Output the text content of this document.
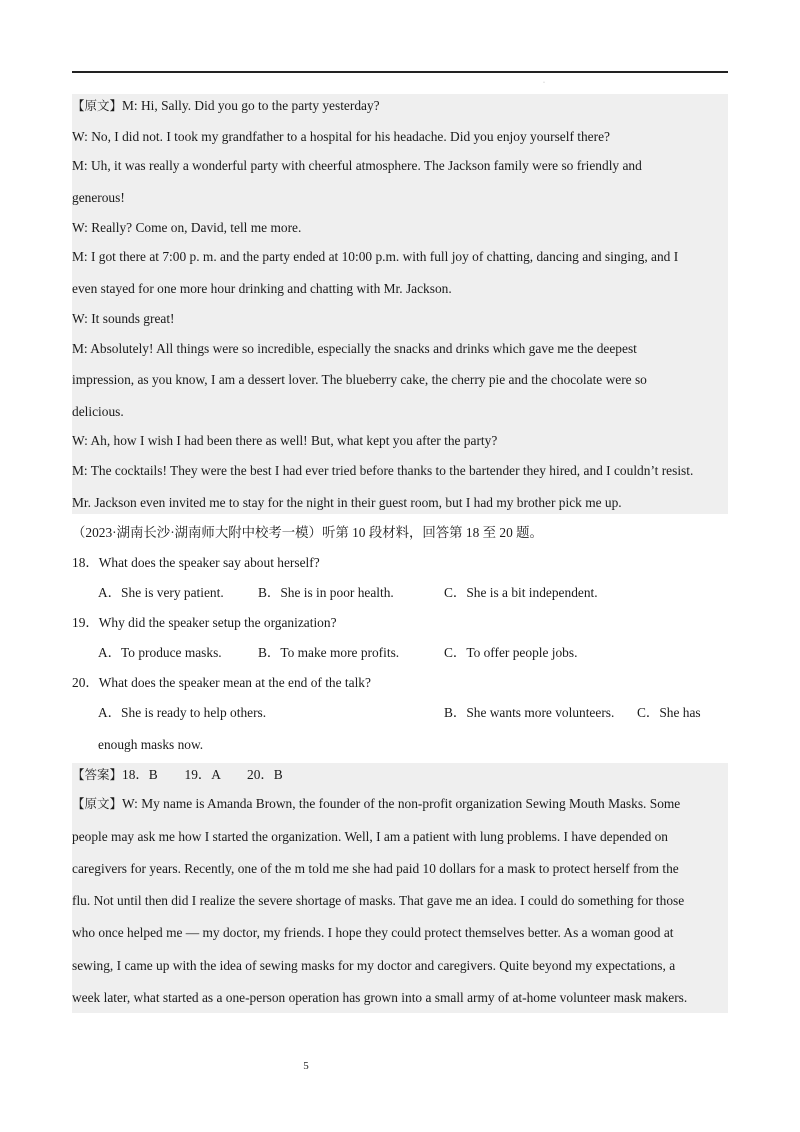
·
【原文】M: Hi, Sally. Did you go to the party yesterday?
W: No, I did not. I took my grandfather to a hospital for his headache. Did you enjoy yourself there?
M: Uh, it was really a wonderful party with cheerful atmosphere. The Jackson family were so friendly and
generous!
W: Really? Come on, David, tell me more.
M: I got there at 7:00 p. m. and the party ended at 10:00 p.m. with full joy of chatting, dancing and singing, and I
even stayed for one more hour drinking and chatting with Mr. Jackson.
W: It sounds great!
M: Absolutely! All things were so incredible, especially the snacks and drinks which gave me the deepest
impression, as you know, I am a dessert lover. The blueberry cake, the cherry pie and the chocolate were so
delicious.
W: Ah, how I wish I had been there as well! But, what kept you after the party?
M: The cocktails! They were the best I had ever tried before thanks to the bartender they hired, and I couldn’t resist.
Mr. Jackson even invited me to stay for the night in their guest room, but I had my brother pick me up.
（2023·湖南长沙·湖南师大附中校考一模）听第 10 段材料，回答第 18 至 20 题。
18．What does the speaker say about herself?
A．She is very patient.	B．She is in poor health.	C．She is a bit independent.
19．Why did the speaker setup the organization?
A．To produce masks.	B．To make more profits.	C．To offer people jobs.
20．What does the speaker mean at the end of the talk?
A．She is ready to help others.	B．She wants more volunteers. C．She has
enough masks now.
【答案】18．B　　19．A　　20．B
【原文】W: My name is Amanda Brown, the founder of the non-profit organization Sewing Mouth Masks. Some
people may ask me how I started the organization. Well, I am a patient with lung problems. I have depended on
caregivers for years. Recently, one of the m told me she had paid 10 dollars for a mask to protect herself from the
flu. Not until then did I realize the severe shortage of masks. That gave me an idea. I could do something for those
who once helped me — my doctor, my friends. I hope they could protect themselves better. As a woman good at
sewing, I came up with the idea of sewing masks for my doctor and caregivers. Quite beyond my expectations, a
week later, what started as a one-person operation has grown into a small army of at-home volunteer mask makers.
5
